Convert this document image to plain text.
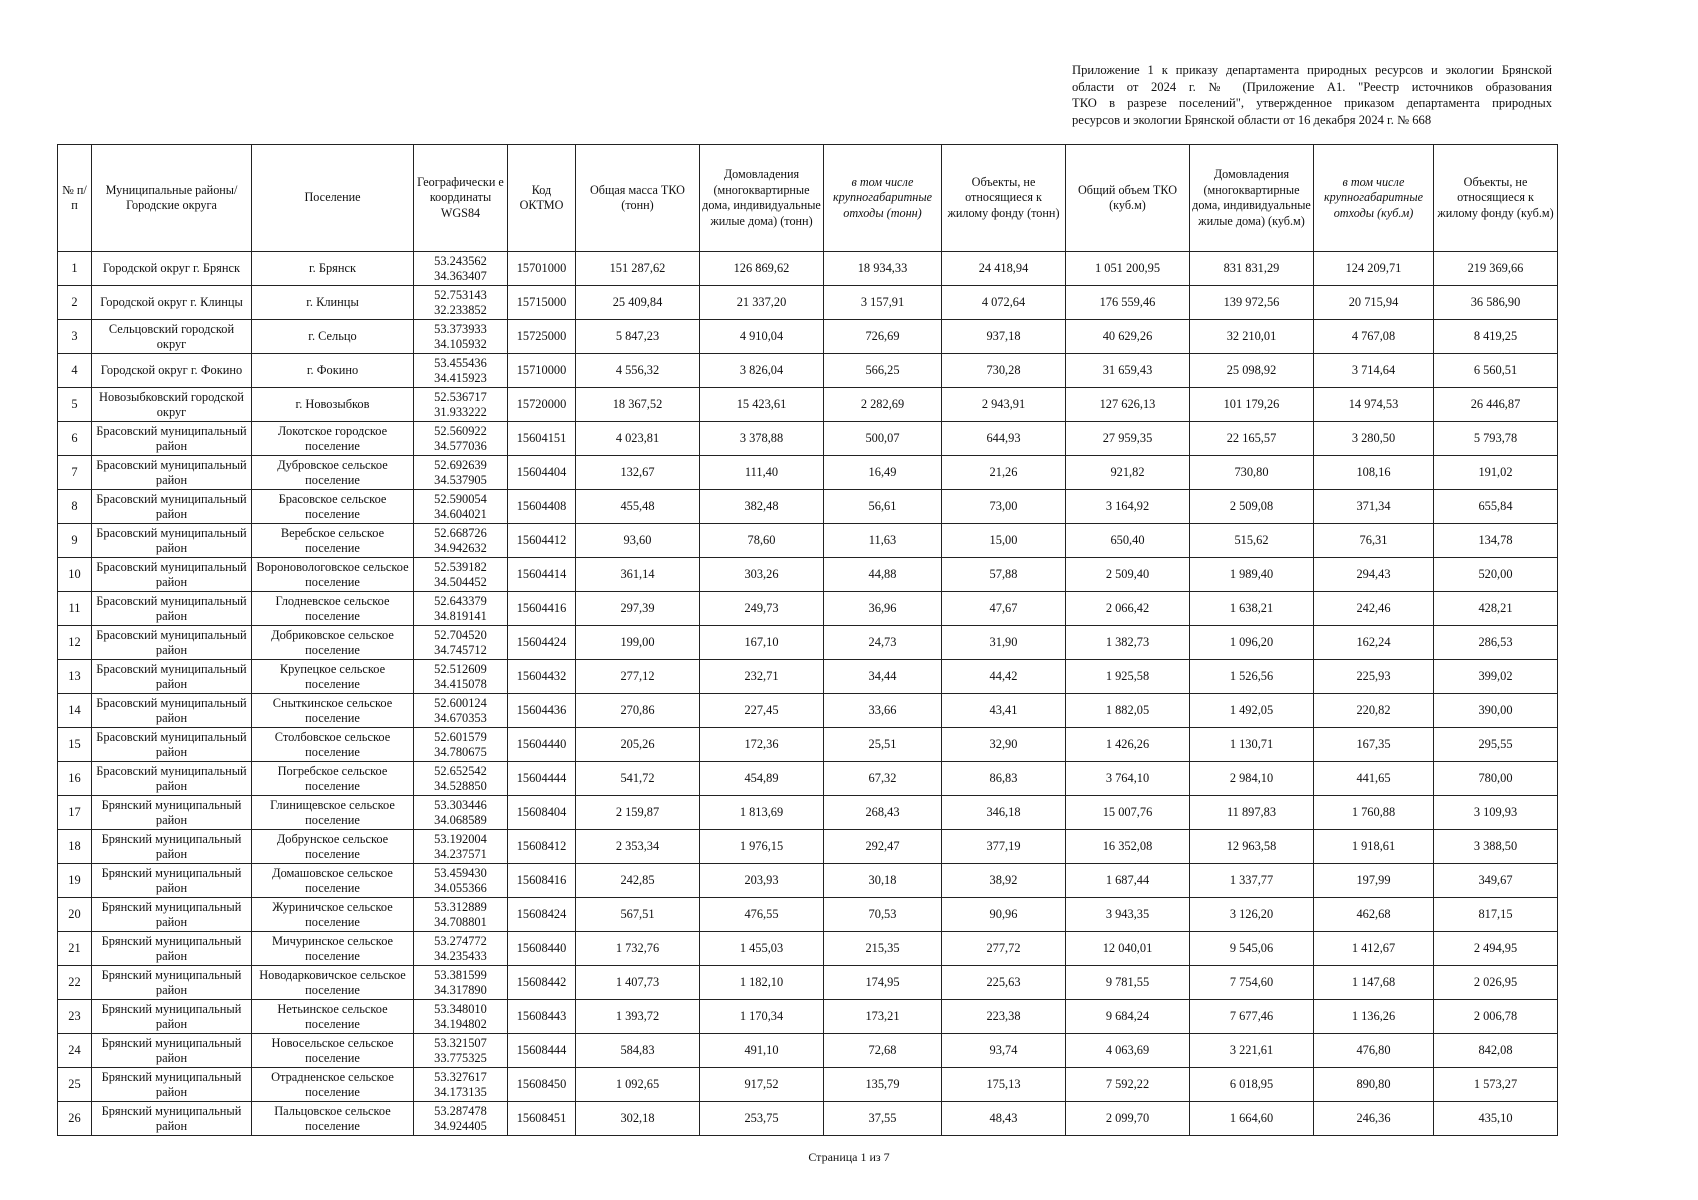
Приложение 1 к приказу департамента природных ресурсов и экологии Брянской
области от 2024 г. № (Приложение А1. "Реестр источников образования
ТКО в разрезе поселений", утвержденное приказом департамента природных
ресурсов и экологии Брянской области от 16 декабря 2024 г. № 668
№ п/п	Муниципальные районы/Городские округа	Поселение	Географически е координаты WGS84	Код ОКТМО	Общая масса ТКО (тонн)	Домовладения (многоквартирные дома, индивидуальные жилые дома) (тонн)	в том числе крупногабаритные отходы (тонн)	Объекты, не относящиеся к жилому фонду (тонн)	Общий объем ТКО (куб.м)	Домовладения (многоквартирные дома, индивидуальные жилые дома) (куб.м)	в том числе крупногабаритные отходы (куб.м)	Объекты, не относящиеся к жилому фонду (куб.м)
1	Городской округ г. Брянск	г. Брянск	53.243562
34.363407	15701000	151 287,62	126 869,62	18 934,33	24 418,94	1 051 200,95	831 831,29	124 209,71	219 369,66
2	Городской округ г. Клинцы	г. Клинцы	52.753143
32.233852	15715000	25 409,84	21 337,20	3 157,91	4 072,64	176 559,46	139 972,56	20 715,94	36 586,90
3	Сельцовский городской округ	г. Сельцо	53.373933
34.105932	15725000	5 847,23	4 910,04	726,69	937,18	40 629,26	32 210,01	4 767,08	8 419,25
4	Городской округ г. Фокино	г. Фокино	53.455436
34.415923	15710000	4 556,32	3 826,04	566,25	730,28	31 659,43	25 098,92	3 714,64	6 560,51
5	Новозыбковский городской округ	г. Новозыбков	52.536717
31.933222	15720000	18 367,52	15 423,61	2 282,69	2 943,91	127 626,13	101 179,26	14 974,53	26 446,87
6	Брасовский муниципальный район	Локотское городское поселение	52.560922
34.577036	15604151	4 023,81	3 378,88	500,07	644,93	27 959,35	22 165,57	3 280,50	5 793,78
7	Брасовский муниципальный район	Дубровское сельское поселение	52.692639
34.537905	15604404	132,67	111,40	16,49	21,26	921,82	730,80	108,16	191,02
8	Брасовский муниципальный район	Брасовское сельское поселение	52.590054
34.604021	15604408	455,48	382,48	56,61	73,00	3 164,92	2 509,08	371,34	655,84
9	Брасовский муниципальный район	Веребское сельское поселение	52.668726
34.942632	15604412	93,60	78,60	11,63	15,00	650,40	515,62	76,31	134,78
10	Брасовский муниципальный район	Вороновологовское сельское поселение	52.539182
34.504452	15604414	361,14	303,26	44,88	57,88	2 509,40	1 989,40	294,43	520,00
11	Брасовский муниципальный район	Глодневское сельское поселение	52.643379
34.819141	15604416	297,39	249,73	36,96	47,67	2 066,42	1 638,21	242,46	428,21
12	Брасовский муниципальный район	Добриковское сельское поселение	52.704520
34.745712	15604424	199,00	167,10	24,73	31,90	1 382,73	1 096,20	162,24	286,53
13	Брасовский муниципальный район	Крупецкое сельское поселение	52.512609
34.415078	15604432	277,12	232,71	34,44	44,42	1 925,58	1 526,56	225,93	399,02
14	Брасовский муниципальный район	Сныткинское сельское поселение	52.600124
34.670353	15604436	270,86	227,45	33,66	43,41	1 882,05	1 492,05	220,82	390,00
15	Брасовский муниципальный район	Столбовское сельское поселение	52.601579
34.780675	15604440	205,26	172,36	25,51	32,90	1 426,26	1 130,71	167,35	295,55
16	Брасовский муниципальный район	Погребское сельское поселение	52.652542
34.528850	15604444	541,72	454,89	67,32	86,83	3 764,10	2 984,10	441,65	780,00
17	Брянский муниципальный район	Глинищевское сельское поселение	53.303446
34.068589	15608404	2 159,87	1 813,69	268,43	346,18	15 007,76	11 897,83	1 760,88	3 109,93
18	Брянский муниципальный район	Добрунское сельское поселение	53.192004
34.237571	15608412	2 353,34	1 976,15	292,47	377,19	16 352,08	12 963,58	1 918,61	3 388,50
19	Брянский муниципальный район	Домашовское сельское поселение	53.459430
34.055366	15608416	242,85	203,93	30,18	38,92	1 687,44	1 337,77	197,99	349,67
20	Брянский муниципальный район	Журиничское сельское поселение	53.312889
34.708801	15608424	567,51	476,55	70,53	90,96	3 943,35	3 126,20	462,68	817,15
21	Брянский муниципальный район	Мичуринское сельское поселение	53.274772
34.235433	15608440	1 732,76	1 455,03	215,35	277,72	12 040,01	9 545,06	1 412,67	2 494,95
22	Брянский муниципальный район	Новодарковичское сельское поселение	53.381599
34.317890	15608442	1 407,73	1 182,10	174,95	225,63	9 781,55	7 754,60	1 147,68	2 026,95
23	Брянский муниципальный район	Нетьинское сельское поселение	53.348010
34.194802	15608443	1 393,72	1 170,34	173,21	223,38	9 684,24	7 677,46	1 136,26	2 006,78
24	Брянский муниципальный район	Новосельское сельское поселение	53.321507
33.775325	15608444	584,83	491,10	72,68	93,74	4 063,69	3 221,61	476,80	842,08
25	Брянский муниципальный район	Отрадненское сельское поселение	53.327617
34.173135	15608450	1 092,65	917,52	135,79	175,13	7 592,22	6 018,95	890,80	1 573,27
26	Брянский муниципальный район	Пальцовское сельское поселение	53.287478
34.924405	15608451	302,18	253,75	37,55	48,43	2 099,70	1 664,60	246,36	435,10
Страница 1 из 7
